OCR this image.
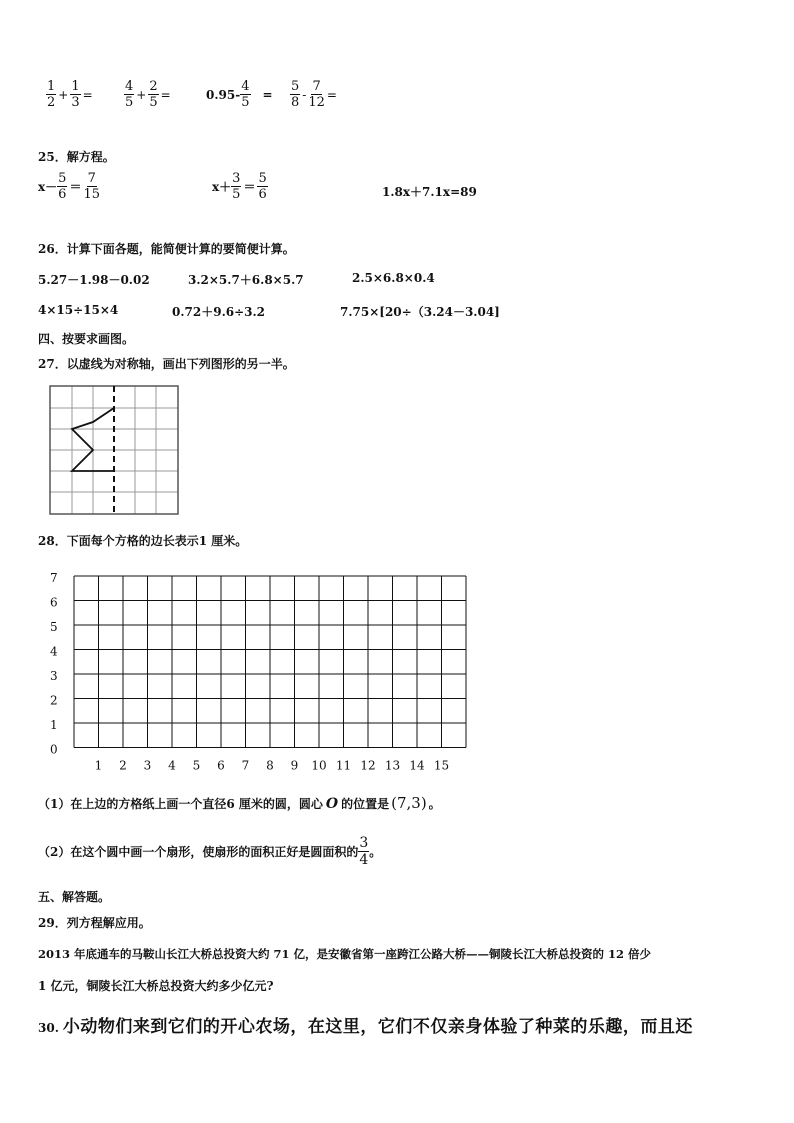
$\frac{1}{2} + \frac{1}{3} = \frac{4}{5} + \frac{2}{5}$ =	$0.95- \frac{4}{5}$	= $\frac{5}{8} - \frac{7}{12}$ =
25．解方程。
$x- \frac{5}{6} = \frac{7}{15}$	$x+ \frac{3}{5} = \frac{5}{6}$	1.8x＋7.1x=89
26．计算下面各题，能简便计算的要简便计算。
5.27－1.98－0.02	3.2×5.7＋6.8×5.7	2.5×6.8×0.4
4×15÷15×4	0.72＋9.6÷3.2	7.75×[20÷（3.24－3.04]
四、按要求画图。
27．以虚线为对称轴，画出下列图形的另一半。
28．下面每个方格的边长表示1 厘米。
7
6
5
4
3
2
1
0
1 2 3 4 5 6 7 8 9 10 11 12 13 14 15
（1）在上边的方格纸上画一个直径6 厘米的圆，圆心 O 的位置是 (7,3) 。
（2）在这个圆中画一个扇形，使扇形的面积正好是圆面积的 $\frac{3}{4}$ 。
五、解答题。
29．列方程解应用。
2013 年底通车的马鞍山长江大桥总投资大约 71 亿，是安徽省第一座跨江公路大桥——铜陵长江大桥总投资的 12 倍少
1 亿元，铜陵长江大桥总投资大约多少亿元?
30. 小动物们来到它们的开心农场，在这里，它们不仅亲身体验了种菜的乐趣，而且还
